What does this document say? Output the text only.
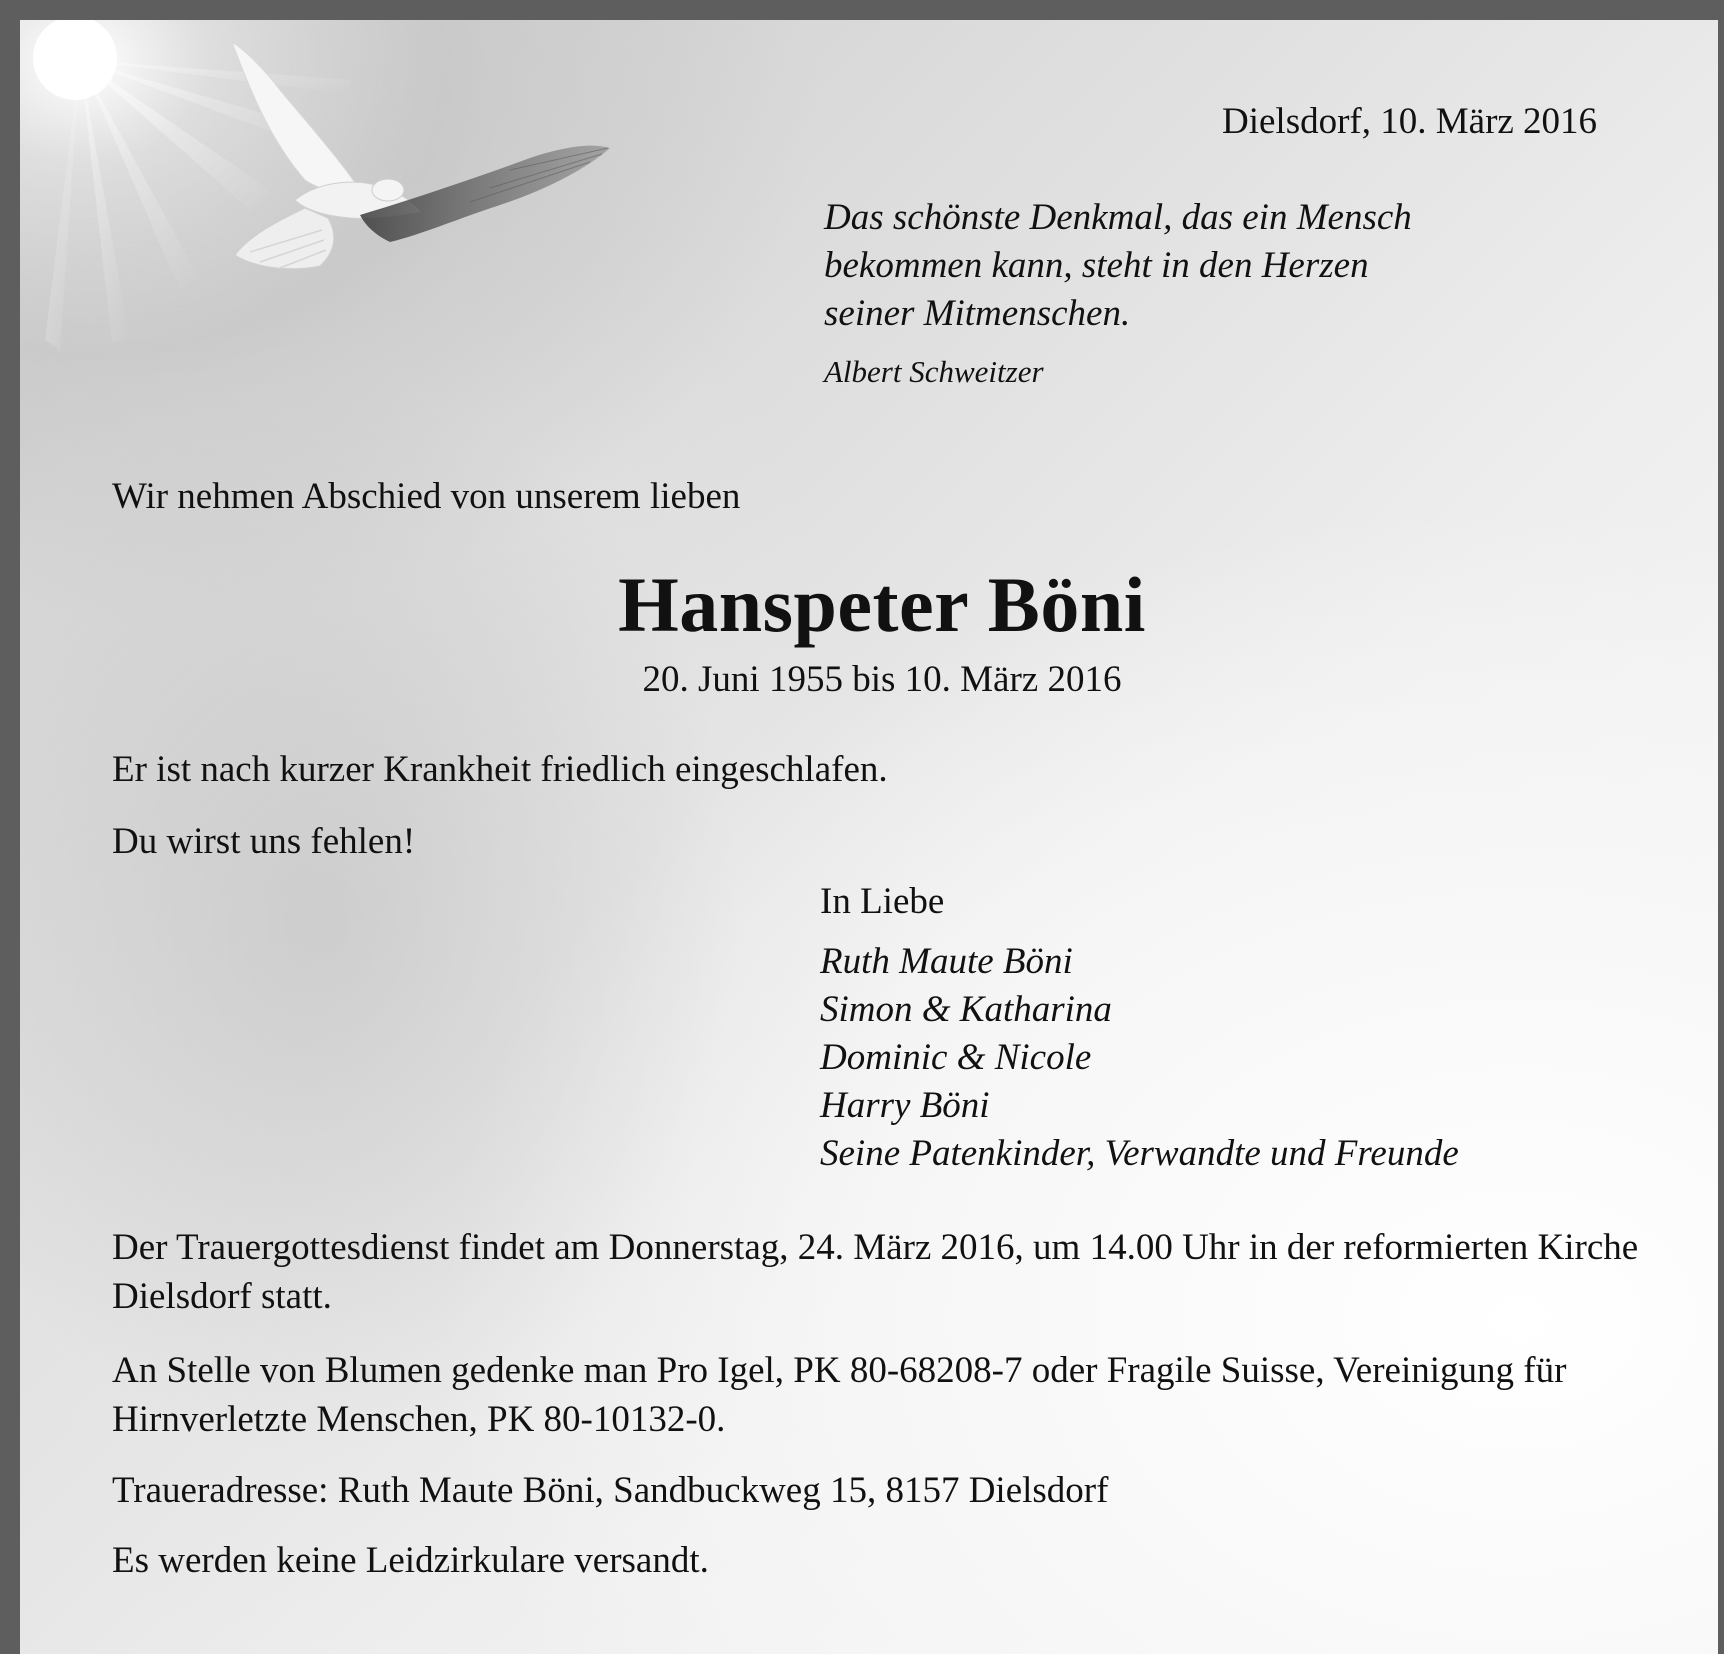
Dielsdorf, 10. März 2016
Das schönste Denkmal, das ein Mensch
bekommen kann, steht in den Herzen
seiner Mitmenschen.
Albert Schweitzer
Wir nehmen Abschied von unserem lieben
Hanspeter Böni
20. Juni 1955 bis 10. März 2016
Er ist nach kurzer Krankheit friedlich eingeschlafen.
Du wirst uns fehlen!
In Liebe
Ruth Maute Böni
Simon & Katharina
Dominic & Nicole
Harry Böni
Seine Patenkinder, Verwandte und Freunde
Der Trauergottesdienst findet am Donnerstag, 24. März 2016, um 14.00 Uhr in der reformierten Kirche Dielsdorf statt.
An Stelle von Blumen gedenke man Pro Igel, PK 80-68208-7 oder Fragile Suisse, Vereinigung für Hirnverletzte Menschen, PK 80-10132-0.
Traueradresse: Ruth Maute Böni, Sandbuckweg 15, 8157 Dielsdorf
Es werden keine Leidzirkulare versandt.
